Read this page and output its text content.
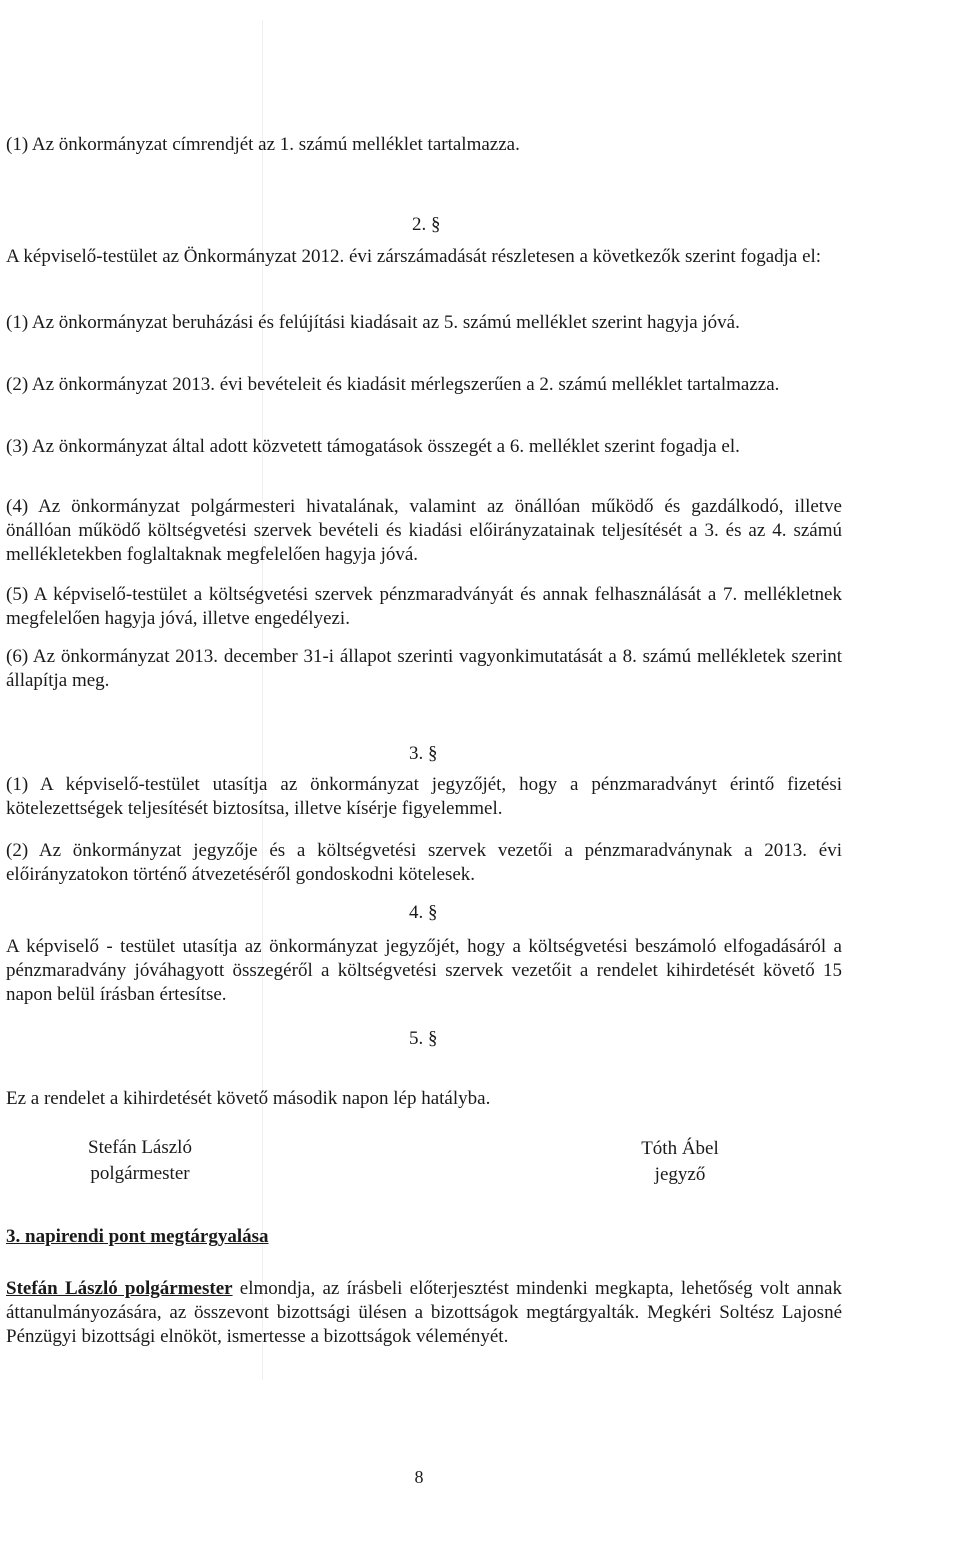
(1) Az önkormányzat címrendjét az 1. számú melléklet tartalmazza.

2. §

A képviselő-testület az Önkormányzat 2012. évi zárszámadását részletesen a következők szerint fogadja el:

(1) Az önkormányzat beruházási és felújítási kiadásait az 5. számú melléklet szerint hagyja jóvá.

(2) Az önkormányzat 2013. évi bevételeit és kiadásit mérlegszerűen a 2. számú melléklet tartalmazza.

(3) Az önkormányzat által adott közvetett támogatások összegét a 6. melléklet szerint fogadja el.

(4) Az önkormányzat polgármesteri hivatalának, valamint az önállóan működő és gazdálkodó, illetve önállóan működő költségvetési szervek bevételi és kiadási előirányzatainak teljesítését a 3. és az 4. számú mellékletekben foglaltaknak megfelelően hagyja jóvá.

(5) A képviselő-testület a költségvetési szervek pénzmaradványát és annak felhasználását a 7. mellékletnek megfelelően hagyja jóvá, illetve engedélyezi.

(6) Az önkormányzat 2013. december 31-i állapot szerinti vagyonkimutatását a 8. számú mellékletek szerint állapítja meg.

3. §

(1) A képviselő-testület utasítja az önkormányzat jegyzőjét, hogy a pénzmaradványt érintő fizetési kötelezettségek teljesítését biztosítsa, illetve kísérje figyelemmel.

(2) Az önkormányzat jegyzője és a költségvetési szervek vezetői a pénzmaradványnak a 2013. évi előirányzatokon történő átvezetéséről gondoskodni kötelesek.

4. §

A képviselő - testület utasítja az önkormányzat jegyzőjét, hogy a költségvetési beszámoló elfogadásáról a pénzmaradvány jóváhagyott összegéről a költségvetési szervek vezetőit a rendelet kihirdetését követő 15 napon belül írásban értesítse.

5. §

Ez a rendelet a kihirdetését követő második napon lép hatályba.

Stefán László
polgármester
Tóth Ábel
jegyző

3. napirendi pont megtárgyalása

Stefán László polgármester elmondja, az írásbeli előterjesztést mindenki megkapta, lehetőség volt annak áttanulmányozására, az összevont bizottsági ülésen a bizottságok megtárgyalták. Megkéri Soltész Lajosné Pénzügyi bizottsági elnököt, ismertesse a bizottságok véleményét.

8
